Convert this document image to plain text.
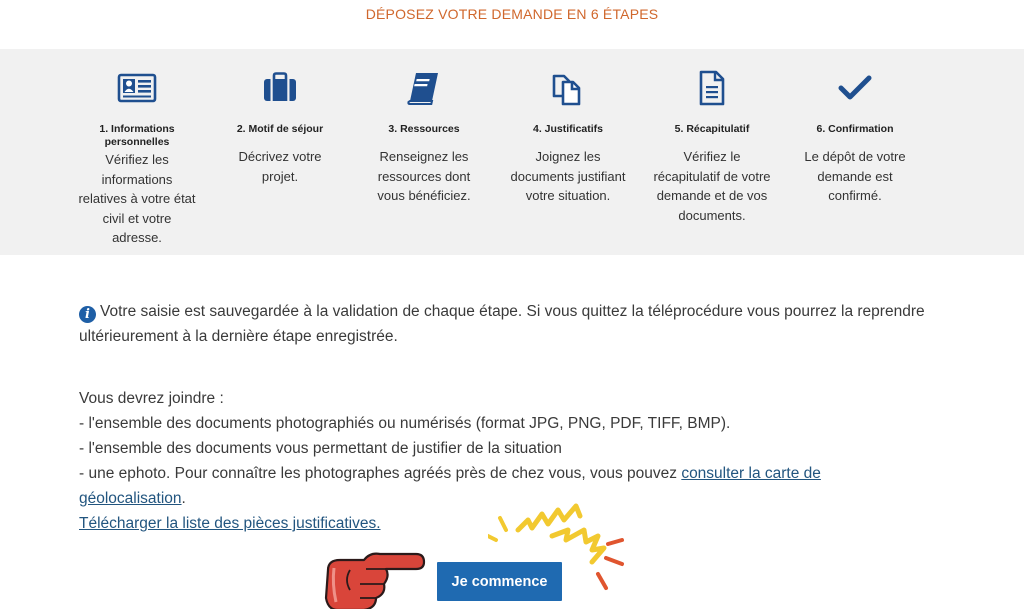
DÉPOSEZ VOTRE DEMANDE EN 6 ÉTAPES
1. Informations personnelles
Vérifiez les informations relatives à votre état civil et votre adresse.
2. Motif de séjour
Décrivez votre projet.
3. Ressources
Renseignez les ressources dont vous bénéficiez.
4. Justificatifs
Joignez les documents justifiant votre situation.
5. Récapitulatif
Vérifiez le récapitulatif de votre demande et de vos documents.
6. Confirmation
Le dépôt de votre demande est confirmé.
i Votre saisie est sauvegardée à la validation de chaque étape. Si vous quittez la téléprocédure vous pourrez la reprendre ultérieurement à la dernière étape enregistrée.
Vous devrez joindre :
- l'ensemble des documents photographiés ou numérisés (format JPG, PNG, PDF, TIFF, BMP).
- l'ensemble des documents vous permettant de justifier de la situation
- une ephoto. Pour connaître les photographes agréés près de chez vous, vous pouvez consulter la carte de
géolocalisation.
Télécharger la liste des pièces justificatives.
Je commence
